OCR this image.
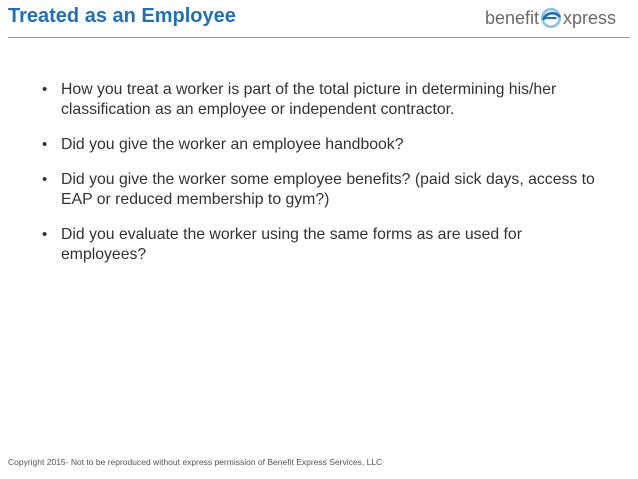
Treated as an Employee	benefit xpress
• How you treat a worker is part of the total picture in determining his/her classification as an employee or independent contractor.
• Did you give the worker an employee handbook?
• Did you give the worker some employee benefits? (paid sick days, access to EAP or reduced membership to gym?)
• Did you evaluate the worker using the same forms as are used for employees?
Copyright 2015- Not to be reproduced without express permission of Benefit Express Services, LLC
